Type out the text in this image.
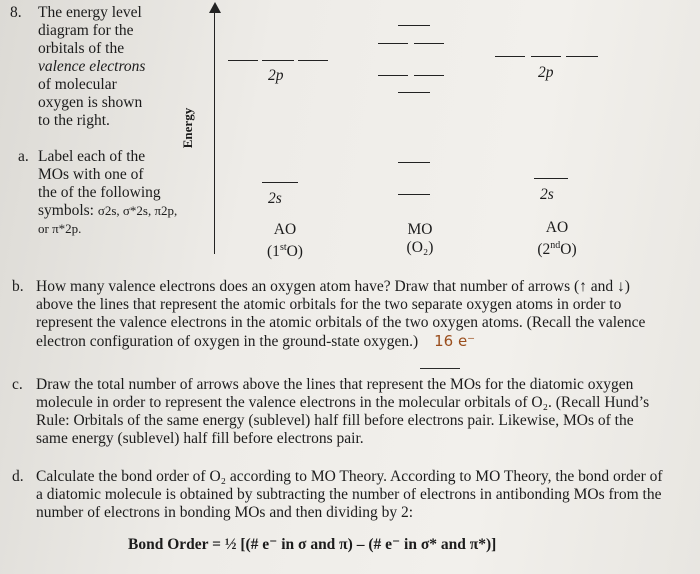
8. The energy level

diagram for the

orbitals of the

valence electrons

of molecular

oxygen is shown

to the right.

a. Label each of the
MOs with one of
the of the following
symbols: σ2s, σ*2s, π2p,
or π*2p.
Energy
2p
2s
2p
2s
AO
(1stO)
MO
(O₂)
AO
(2ndO)
b. How many valence electrons does an oxygen atom have? Draw that number of arrows (↑ and ↓)
above the lines that represent the atomic orbitals for the two separate oxygen atoms in order to
represent the valence electrons in the atomic orbitals of the two oxygen atoms. (Recall the valence
electron configuration of oxygen in the ground-state oxygen.) 16 e⁻
c. Draw the total number of arrows above the lines that represent the MOs for the diatomic oxygen
molecule in order to represent the valence electrons in the molecular orbitals of O₂. (Recall Hund’s
Rule: Orbitals of the same energy (sublevel) half fill before electrons pair. Likewise, MOs of the
same energy (sublevel) half fill before electrons pair.
d. Calculate the bond order of O₂ according to MO Theory. According to MO Theory, the bond order of
a diatomic molecule is obtained by subtracting the number of electrons in antibonding MOs from the
number of electrons in bonding MOs and then dividing by 2:
Bond Order = ½ [(# e⁻ in σ and π) – (# e⁻ in σ* and π*)]
